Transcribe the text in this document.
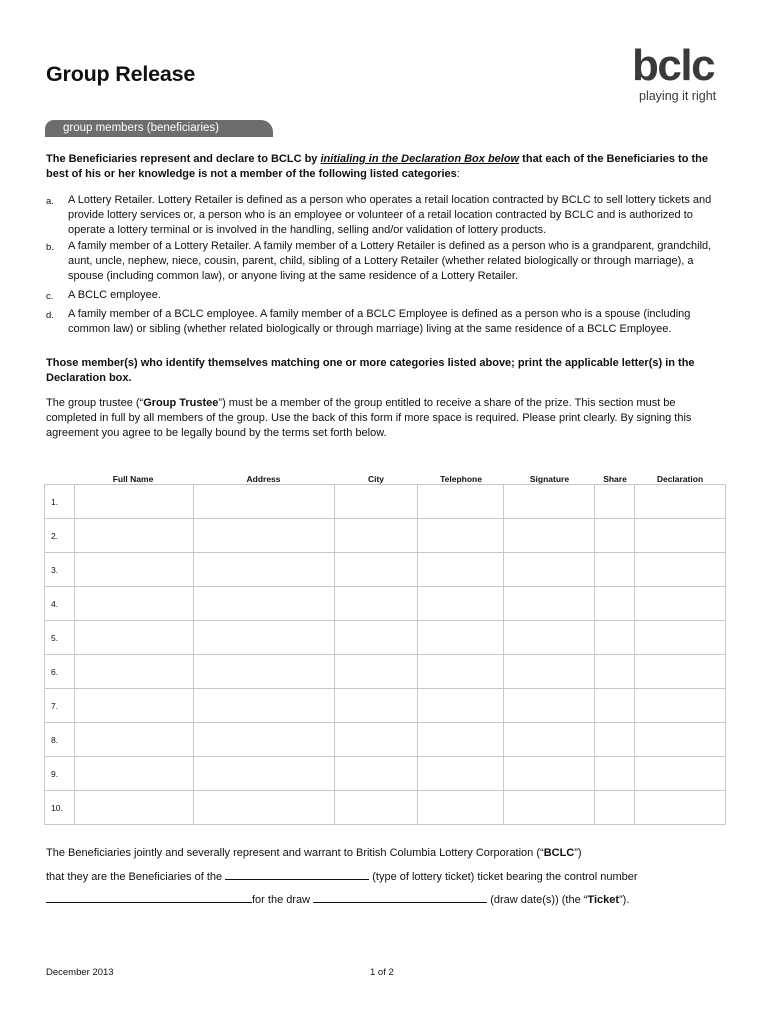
Group Release	bclc
playing it right
group members (beneficiaries)
The Beneficiaries represent and declare to BCLC by initialing in the Declaration Box below that each of the Beneficiaries to the best of his or her knowledge is not a member of the following listed categories:
a. A Lottery Retailer. Lottery Retailer is defined as a person who operates a retail location contracted by BCLC to sell lottery tickets and provide lottery services or, a person who is an employee or volunteer of a retail location contracted by BCLC and is authorized to operate a lottery terminal or is involved in the handling, selling and/or validation of lottery products.
b. A family member of a Lottery Retailer. A family member of a Lottery Retailer is defined as a person who is a grandparent, grandchild, aunt, uncle, nephew, niece, cousin, parent, child, sibling of a Lottery Retailer (whether related biologically or through marriage), a spouse (including common law), or anyone living at the same residence of a Lottery Retailer.
c. A BCLC employee.
d. A family member of a BCLC employee. A family member of a BCLC Employee is defined as a person who is a spouse (including common law) or sibling (whether related biologically or through marriage) living at the same residence of a BCLC Employee.
Those member(s) who identify themselves matching one or more categories listed above; print the applicable letter(s) in the Declaration box.
The group trustee (“Group Trustee”) must be a member of the group entitled to receive a share of the prize. This section must be completed in full by all members of the group. Use the back of this form if more space is required. Please print clearly. By signing this agreement you agree to be legally bound by the terms set forth below.
Full Name	Address	City	Telephone	Signature	Share	Declaration
1.							
2.							
3.							
4.							
5.							
6.							
7.							
8.							
9.							
10.							
The Beneficiaries jointly and severally represent and warrant to British Columbia Lottery Corporation (“BCLC”)
that they are the Beneficiaries of the	(type of lottery ticket) ticket bearing the control number
for the draw	(draw date(s)) (the “Ticket”).
December 2013	1 of 2
